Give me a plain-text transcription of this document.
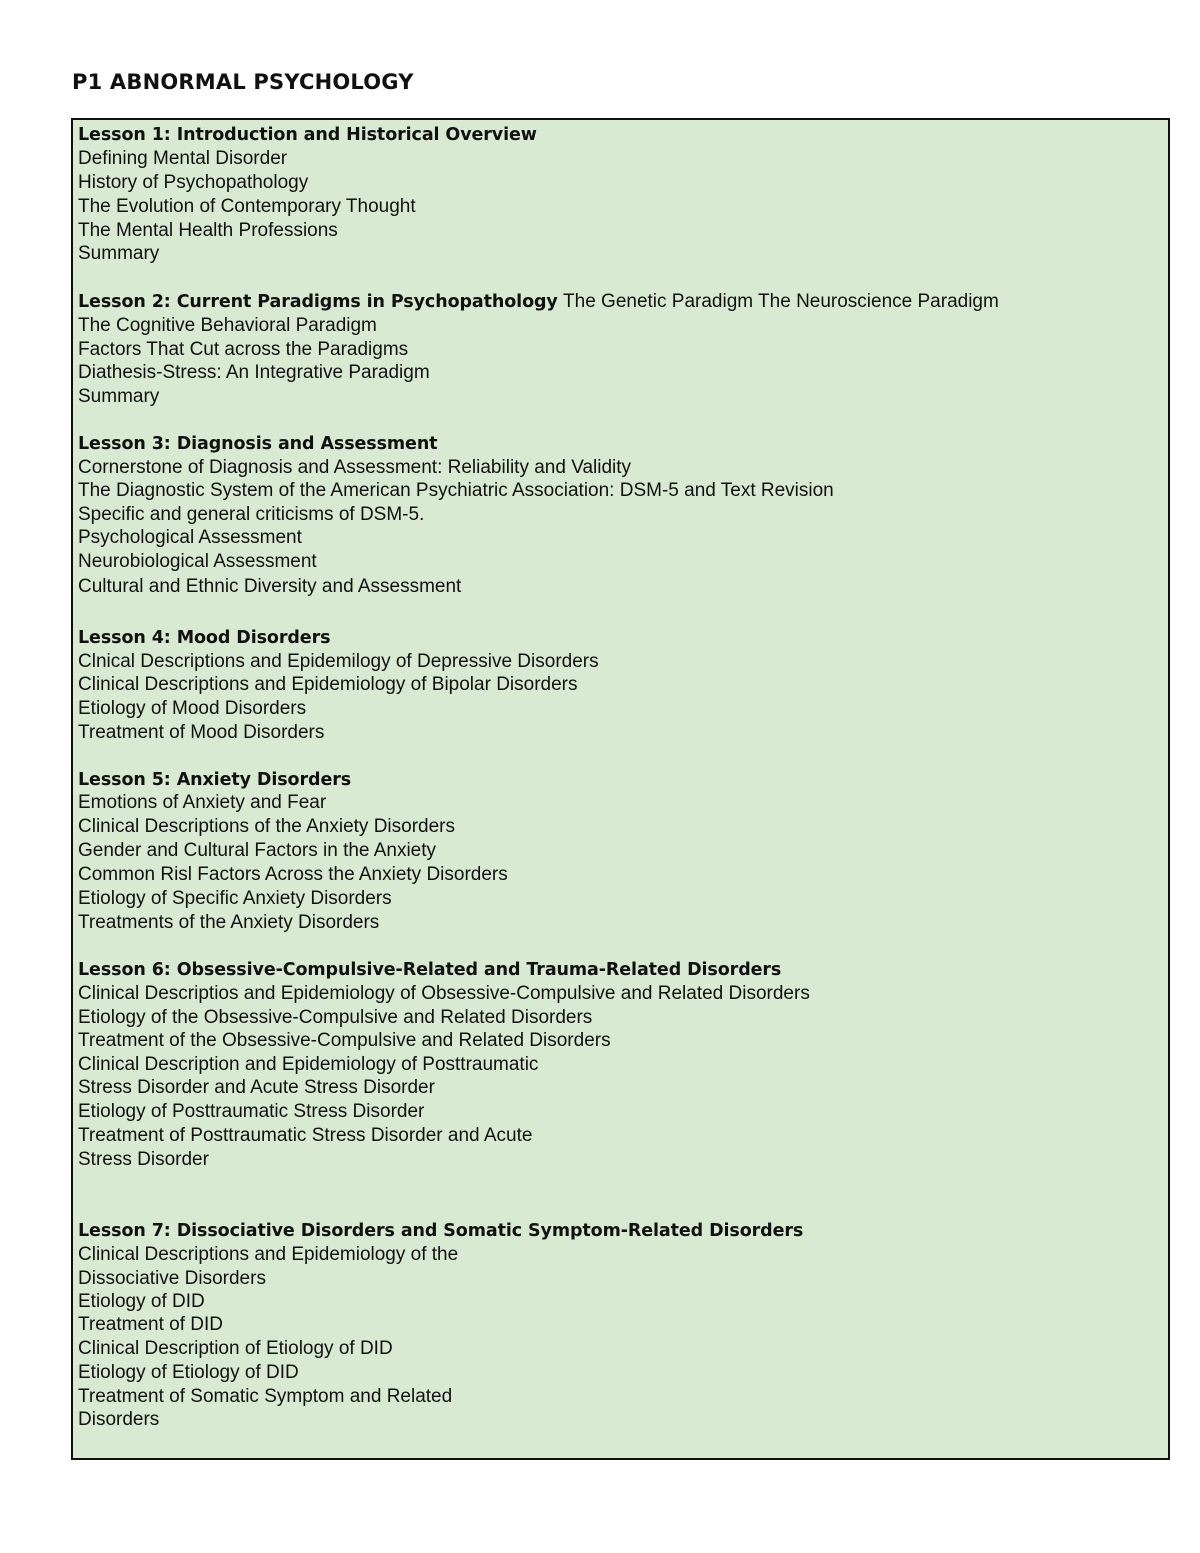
P1 ABNORMAL PSYCHOLOGY
Lesson 1: Introduction and Historical Overview
Defining Mental Disorder
History of Psychopathology
The Evolution of Contemporary Thought
The Mental Health Professions
Summary
Lesson 2: Current Paradigms in Psychopathology The Genetic Paradigm The Neuroscience Paradigm
The Cognitive Behavioral Paradigm
Factors That Cut across the Paradigms
Diathesis-Stress: An Integrative Paradigm
Summary
Lesson 3: Diagnosis and Assessment
Cornerstone of Diagnosis and Assessment: Reliability and Validity
The Diagnostic System of the American Psychiatric Association: DSM-5 and Text Revision
Specific and general criticisms of DSM-5.
Psychological Assessment
Neurobiological Assessment
Cultural and Ethnic Diversity and Assessment
Lesson 4: Mood Disorders
Clnical Descriptions and Epidemilogy of Depressive Disorders
Clinical Descriptions and Epidemiology of Bipolar Disorders
Etiology of Mood Disorders
Treatment of Mood Disorders
Lesson 5: Anxiety Disorders
Emotions of Anxiety and Fear
Clinical Descriptions of the Anxiety Disorders
Gender and Cultural Factors in the Anxiety
Common Risl Factors Across the Anxiety Disorders
Etiology of Specific Anxiety Disorders
Treatments of the Anxiety Disorders
Lesson 6: Obsessive-Compulsive-Related and Trauma-Related Disorders
Clinical Descriptios and Epidemiology of Obsessive-Compulsive and Related Disorders
Etiology of the Obsessive-Compulsive and Related Disorders
Treatment of the Obsessive-Compulsive and Related Disorders
Clinical Description and Epidemiology of Posttraumatic
Stress Disorder and Acute Stress Disorder
Etiology of Posttraumatic Stress Disorder
Treatment of Posttraumatic Stress Disorder and Acute
Stress Disorder
Lesson 7: Dissociative Disorders and Somatic Symptom-Related Disorders
Clinical Descriptions and Epidemiology of the
Dissociative Disorders
Etiology of DID
Treatment of DID
Clinical Description of Etiology of DID
Etiology of Etiology of DID
Treatment of Somatic Symptom and Related
Disorders
